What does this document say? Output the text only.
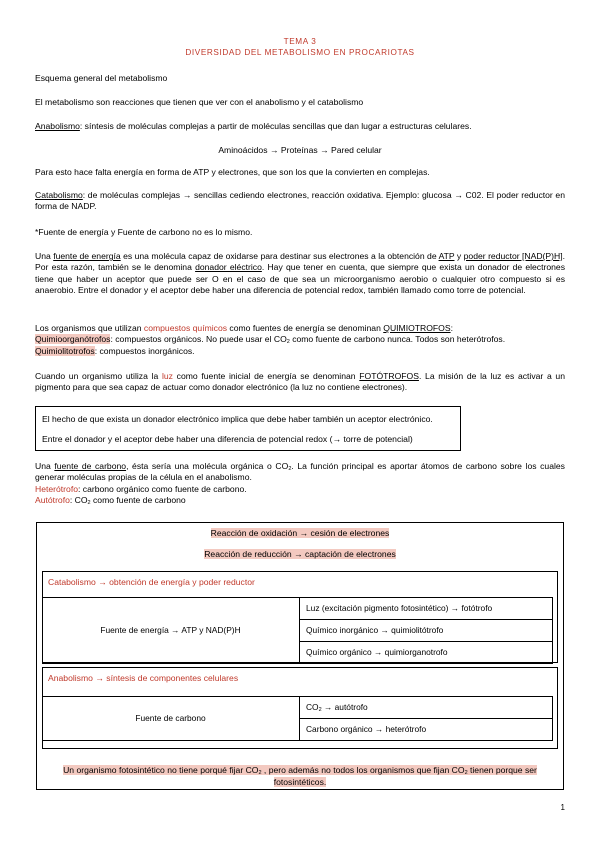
TEMA 3
DIVERSIDAD DEL METABOLISMO EN PROCARIOTAS

Esquema general del metabolismo

El metabolismo son reacciones que tienen que ver con el anabolismo y el catabolismo

Anabolismo: síntesis de moléculas complejas a partir de moléculas sencillas que dan lugar a estructuras celulares.

Aminoácidos → Proteínas → Pared celular

Para esto hace falta energía en forma de ATP y electrones, que son los que la convierten en complejas.

Catabolismo: de moléculas complejas → sencillas cediendo electrones, reacción oxidativa. Ejemplo: glucosa → C02. El poder reductor en forma de NADP.

*Fuente de energía y Fuente de carbono no es lo mismo.

Una fuente de energía es una molécula capaz de oxidarse para destinar sus electrones a la obtención de ATP y poder reductor [NAD(P)H]. Por esta razón, también se le denomina donador eléctrico. Hay que tener en cuenta, que siempre que exista un donador de electrones tiene que haber un aceptor que puede ser O en el caso de que sea un microorganismo aerobio o cualquier otro compuesto si es anaerobio. Entre el donador y el aceptor debe haber una diferencia de potencial redox, también llamado como torre de potencial.

Los organismos que utilizan compuestos químicos como fuentes de energía se denominan QUIMIOTROFOS:

Quimioorganótrofos: compuestos orgánicos. No puede usar el $CO_2$ como fuente de carbono nunca. Todos son heterótrofos.

Quimiolitotrofos: compuestos inorgánicos.

Cuando un organismo utiliza la luz como fuente inicial de energía se denominan FOTÓTROFOS. La misión de la luz es activar a un pigmento para que sea capaz de actuar como donador electrónico (la luz no contiene electrones).

El hecho de que exista un donador electrónico implica que debe haber también un aceptor electrónico.

Entre el donador y el aceptor debe haber una diferencia de potencial redox (→ torre de potencial)

Una fuente de carbono, ésta sería una molécula orgánica o $CO_2$. La función principal es aportar átomos de carbono sobre los cuales generar moléculas propias de la célula en el anabolismo.

Heterótrofo: carbono orgánico como fuente de carbono.

Autótrofo: $CO_2$ como fuente de carbono

Reacción de oxidación → cesión de electrones
Reacción de reducción → captación de electrones
Catabolismo → obtención de energía y poder reductor
Fuente de energía → ATP y NAD(P)H	Luz (excitación pigmento fotosintético) → fotótrofo
Químico inorgánico → quimiolitótrofo
Químico orgánico → quimiorganotrofo
Anabolismo → síntesis de componentes celulares
Fuente de carbono	$CO_2$ → autótrofo
Carbono orgánico → heterótrofo
Un organismo fotosintético no tiene porqué fijar $CO_2$ , pero además no todos los organismos que fijan $CO_2$ tienen porque ser fotosintéticos.
1
